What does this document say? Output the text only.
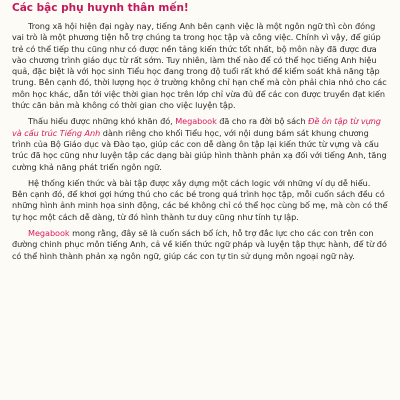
Các bậc phụ huynh thân mến!

Trong xã hội hiện đại ngày nay, tiếng Anh bên cạnh việc là một ngôn ngữ thì còn đóng vai trò là một phương tiện hỗ trợ chúng ta trong học tập và công việc. Chính vì vậy, để giúp trẻ có thể tiếp thu cũng như có được nền tảng kiến thức tốt nhất, bộ môn này đã được đưa vào chương trình giáo dục từ rất sớm. Tuy nhiên, làm thế nào để có thể học tiếng Anh hiệu quả, đặc biệt là với học sinh Tiểu học đang trong độ tuổi rất khó để kiểm soát khả năng tập trung. Bên cạnh đó, thời lượng học ở trường không chỉ hạn chế mà còn phải chia nhỏ cho các môn học khác, dẫn tới việc thời gian học trên lớp chỉ vừa đủ để các con được truyền đạt kiến thức căn bản mà không có thời gian cho việc luyện tập.

Thấu hiểu được những khó khăn đó, Megabook đã cho ra đời bộ sách Đề ôn tập từ vựng và cấu trúc Tiếng Anh dành riêng cho khối Tiểu học, với nội dung bám sát khung chương trình của Bộ Giáo dục và Đào tạo, giúp các con dễ dàng ôn tập lại kiến thức từ vựng và cấu trúc đã học cũng như luyện tập các dạng bài giúp hình thành phản xạ đối với tiếng Anh, tăng cường khả năng phát triển ngôn ngữ.

Hệ thống kiến thức và bài tập được xây dựng một cách logic với những ví dụ dễ hiểu. Bên cạnh đó, để khơi gợi hứng thú cho các bé trong quá trình học tập, mỗi cuốn sách đều có những hình ảnh minh họa sinh động, các bé không chỉ có thể học cùng bố mẹ, mà còn có thể tự học một cách dễ dàng, từ đó hình thành tư duy cũng như tính tự lập.

Megabook mong rằng, đây sẽ là cuốn sách bổ ích, hỗ trợ đắc lực cho các con trên con đường chinh phục môn tiếng Anh, cả về kiến thức ngữ pháp và luyện tập thực hành, để từ đó có thể hình thành phản xạ ngôn ngữ, giúp các con tự tin sử dụng môn ngoại ngữ này.
